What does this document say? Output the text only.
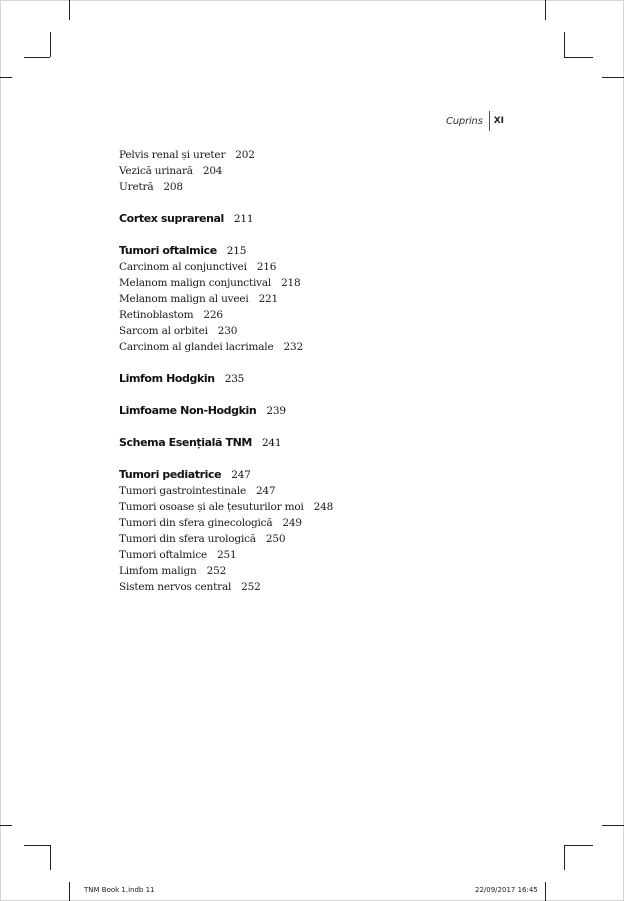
Cuprins XI
Pelvis renal și ureter 202
Vezică urinară 204
Uretră 208
Cortex suprarenal 211
Tumori oftalmice 215
Carcinom al conjunctivei 216
Melanom malign conjunctival 218
Melanom malign al uveei 221
Retinoblastom 226
Sarcom al orbitei 230
Carcinom al glandei lacrimale 232
Limfom Hodgkin 235
Limfoame Non-Hodgkin 239
Schema Esențială TNM 241
Tumori pediatrice 247
Tumori gastrointestinale 247
Tumori osoase și ale țesuturilor moi 248
Tumori din sfera ginecologică 249
Tumori din sfera urologică 250
Tumori oftalmice 251
Limfom malign 252
Sistem nervos central 252
TNM Book 1.indb 11	22/09/2017 16:45
